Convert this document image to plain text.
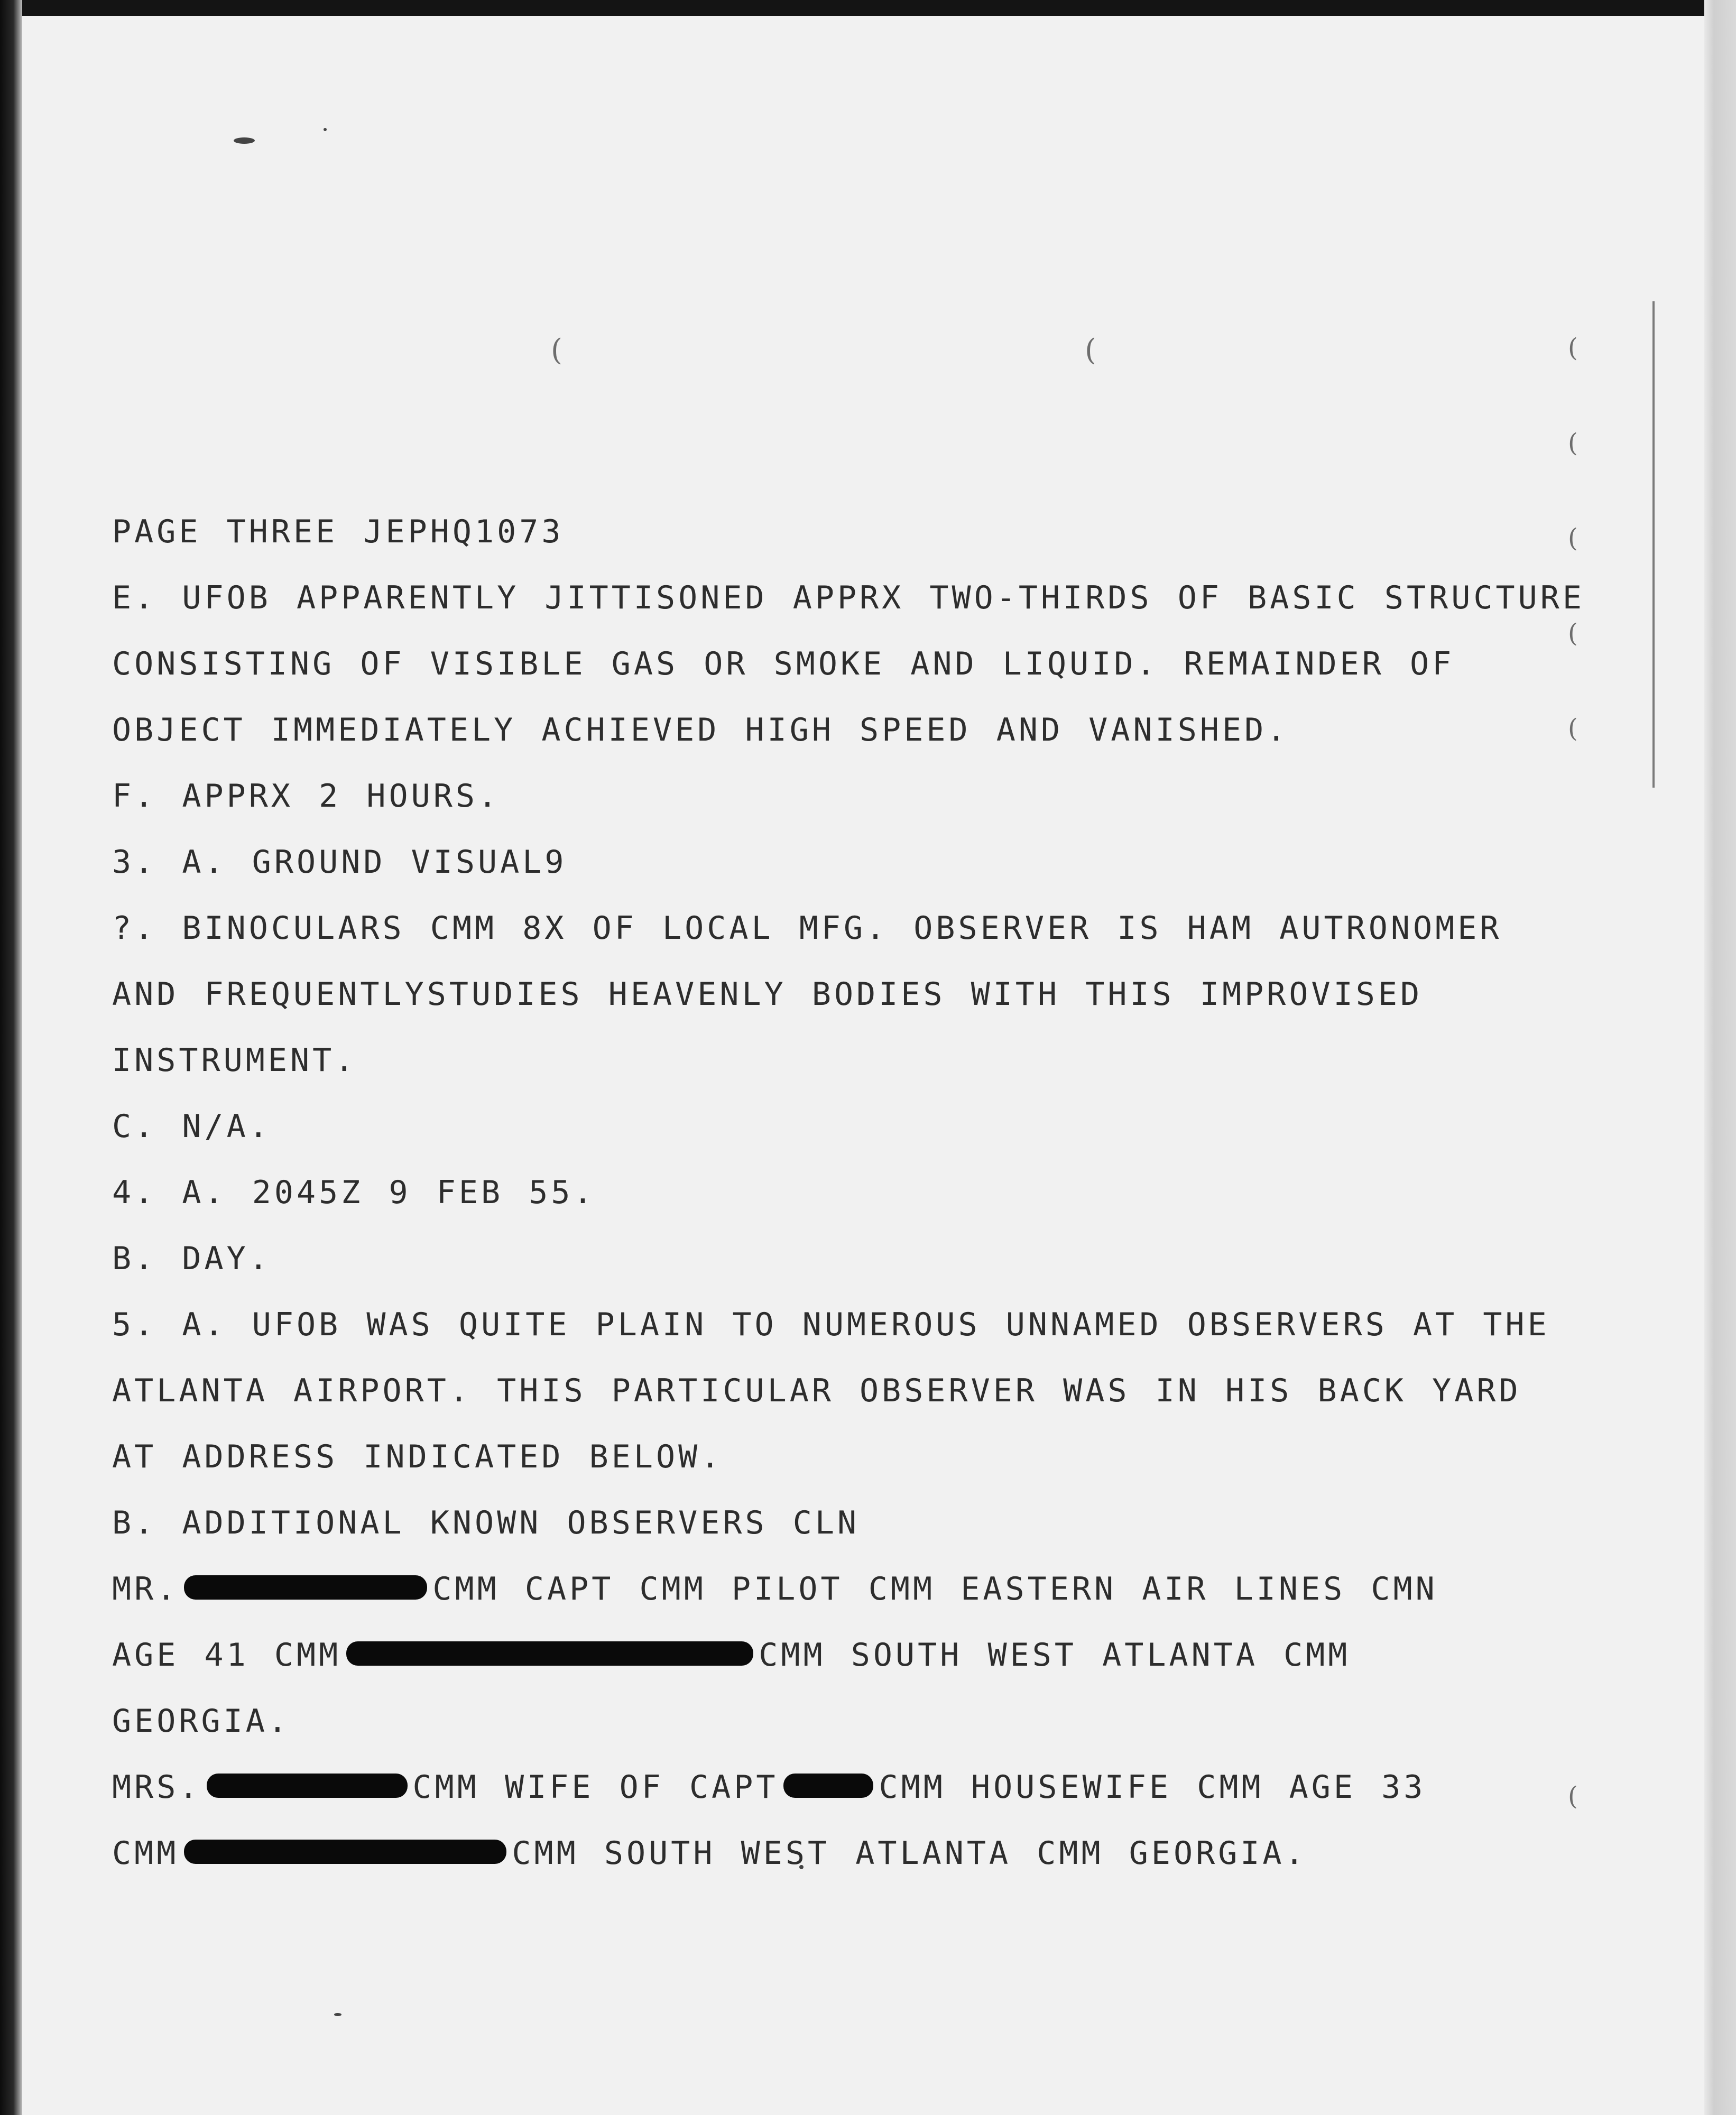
(	(	(
(
(
(
(
(
PAGE THREE JEPHQ1073
E. UFOB APPARENTLY JITTISONED APPRX TWO-THIRDS OF BASIC STRUCTURE
CONSISTING OF VISIBLE GAS OR SMOKE AND LIQUID. REMAINDER OF
OBJECT IMMEDIATELY ACHIEVED HIGH SPEED AND VANISHED.
F. APPRX 2 HOURS.
3. A. GROUND VISUAL9
?. BINOCULARS CMM 8X OF LOCAL MFG. OBSERVER IS HAM AUTRONOMER
AND FREQUENTLYSTUDIES HEAVENLY BODIES WITH THIS IMPROVISED
INSTRUMENT.
C. N/A.
4. A. 2045Z 9 FEB 55.
B. DAY.
5. A. UFOB WAS QUITE PLAIN TO NUMEROUS UNNAMED OBSERVERS AT THE
ATLANTA AIRPORT. THIS PARTICULAR OBSERVER WAS IN HIS BACK YARD
AT ADDRESS INDICATED BELOW.
B. ADDITIONAL KNOWN OBSERVERS CLN
MR.	CMM CAPT CMM PILOT CMM EASTERN AIR LINES CMN
AGE 41 CMM	CMM SOUTH WEST ATLANTA CMM
GEORGIA.
MRS.	CMM WIFE OF CAPT	CMM HOUSEWIFE CMM AGE 33
CMM	CMM SOUTH WEST ATLANTA CMM GEORGIA.
